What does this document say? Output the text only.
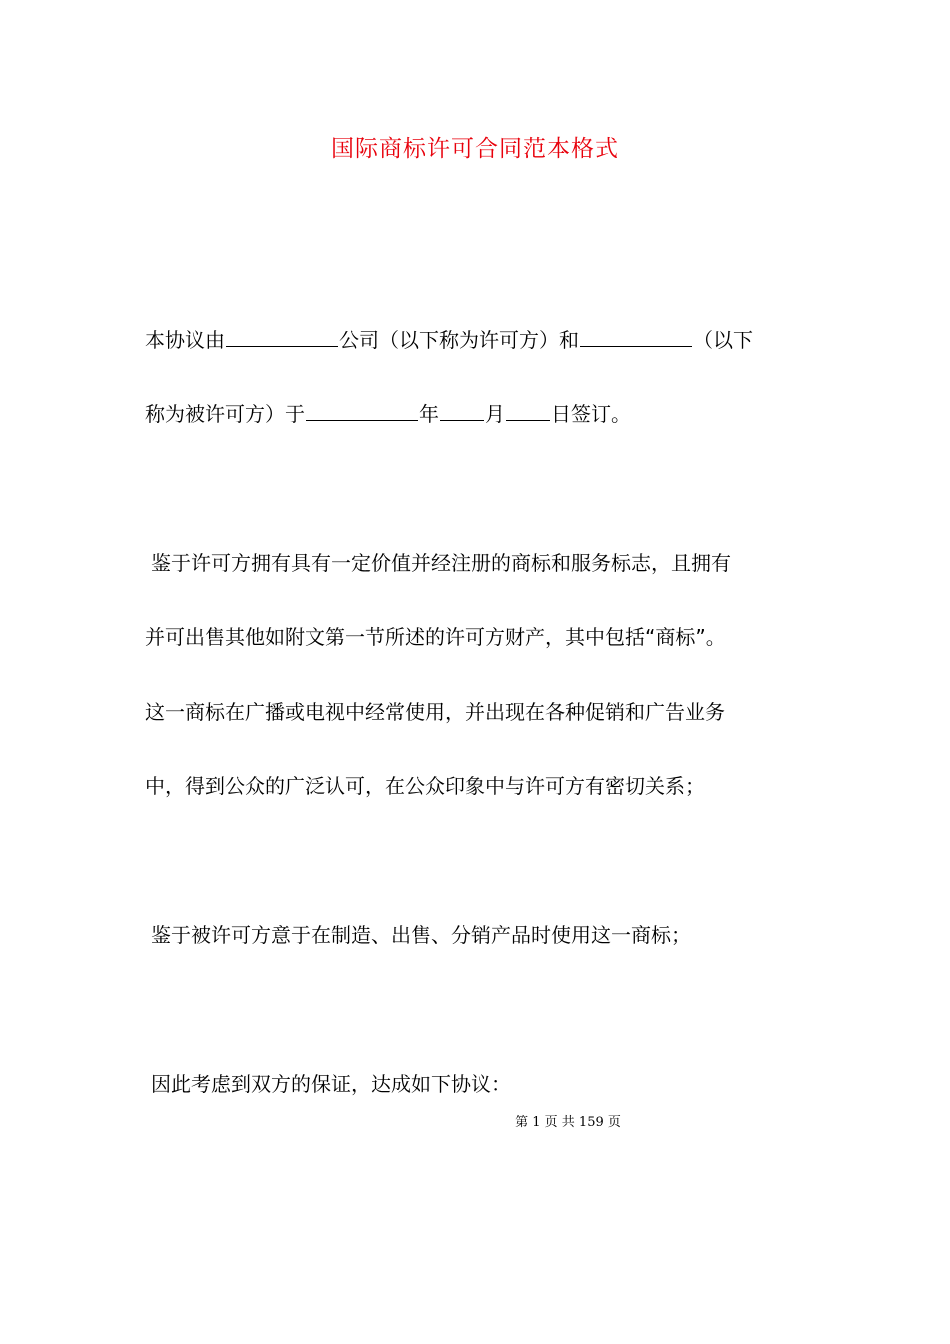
国际商标许可合同范本格式
本协议由	公司（以下称为许可方）和	（以下
称为被许可方）于	年 月 日签订。
鉴于许可方拥有具有一定价值并经注册的商标和服务标志，且拥有
并可出售其他如附文第一节所述的许可方财产，其中包括“商标”。
这一商标在广播或电视中经常使用，并出现在各种促销和广告业务
中，得到公众的广泛认可，在公众印象中与许可方有密切关系；
鉴于被许可方意于在制造、出售、分销产品时使用这一商标；
因此考虑到双方的保证，达成如下协议：
第 1 页 共 159 页
